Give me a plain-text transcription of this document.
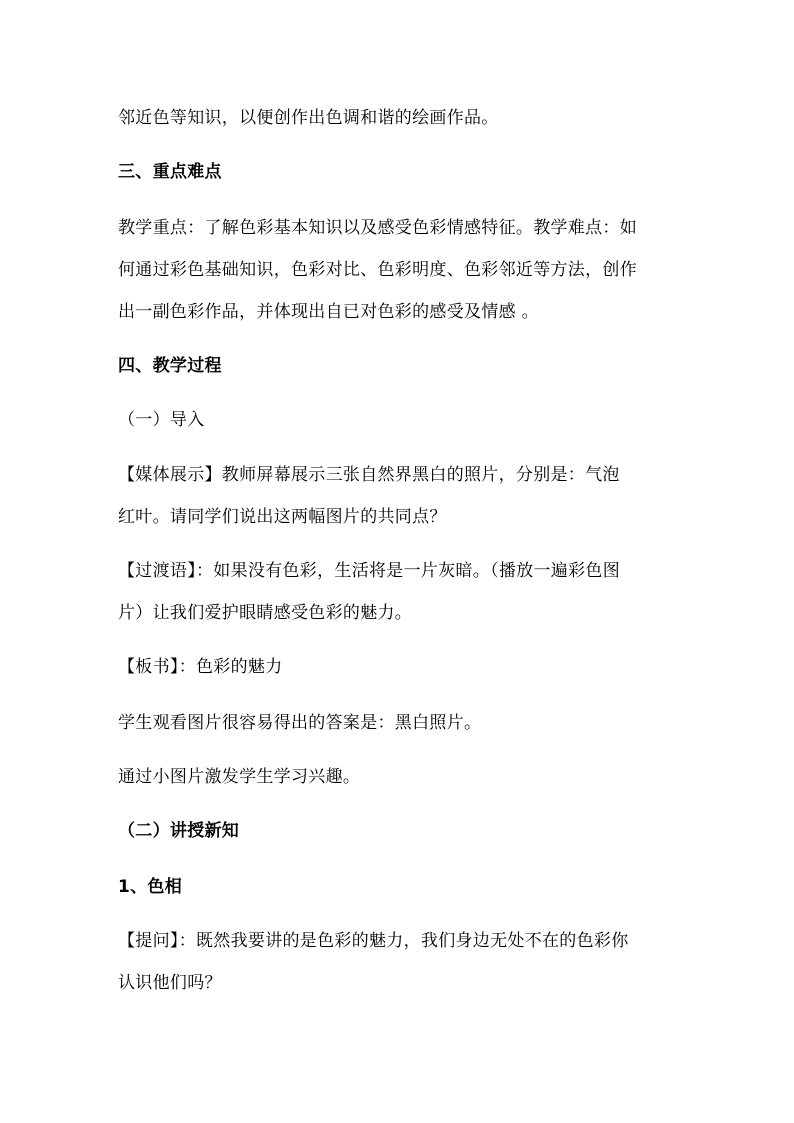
邻近色等知识，以便创作出色调和谐的绘画作品。
三、重点难点
教学重点：了解色彩基本知识以及感受色彩情感特征。教学难点：如
何通过彩色基础知识，色彩对比、色彩明度、色彩邻近等方法，创作
出一副色彩作品，并体现出自已对色彩的感受及情感 。
四、教学过程
（一）导入
【媒体展示】教师屏幕展示三张自然界黑白的照片，分别是：气泡
红叶。请同学们说出这两幅图片的共同点？
【过渡语】：如果没有色彩，生活将是一片灰暗。（播放一遍彩色图
片）让我们爱护眼睛感受色彩的魅力。
【板书】：色彩的魅力
学生观看图片很容易得出的答案是：黑白照片。
通过小图片激发学生学习兴趣。
（二）讲授新知
1、色相
【提问】：既然我要讲的是色彩的魅力，我们身边无处不在的色彩你
认识他们吗？
